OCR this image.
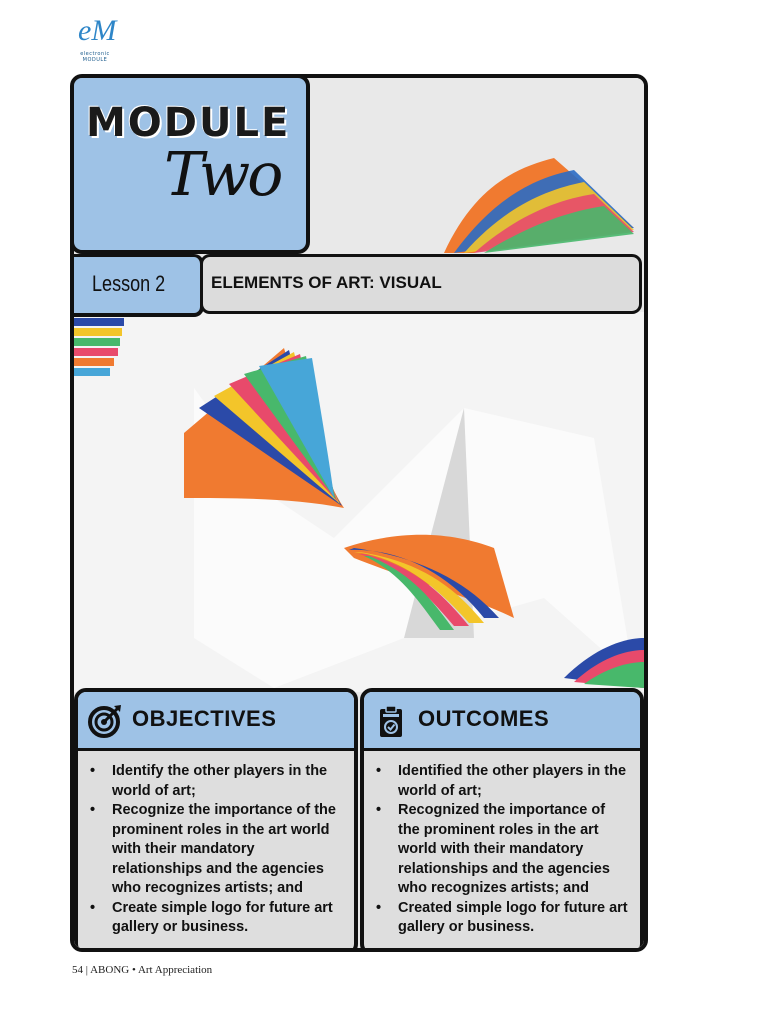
eM
electronic
MODULE
MODULE
Two
Lesson 2	ELEMENTS OF ART: VISUAL
OBJECTIVES
• Identify the other players in the world of art;
• Recognize the importance of the prominent roles in the art world with their mandatory relationships and the agencies who recognizes artists; and
• Create simple logo for future art gallery or business.
OUTCOMES
• Identified the other players in the world of art;
• Recognized the importance of the prominent roles in the art world with their mandatory relationships and the agencies who recognizes artists; and
• Created simple logo for future art gallery or business.
54 | ABONG • Art Appreciation
